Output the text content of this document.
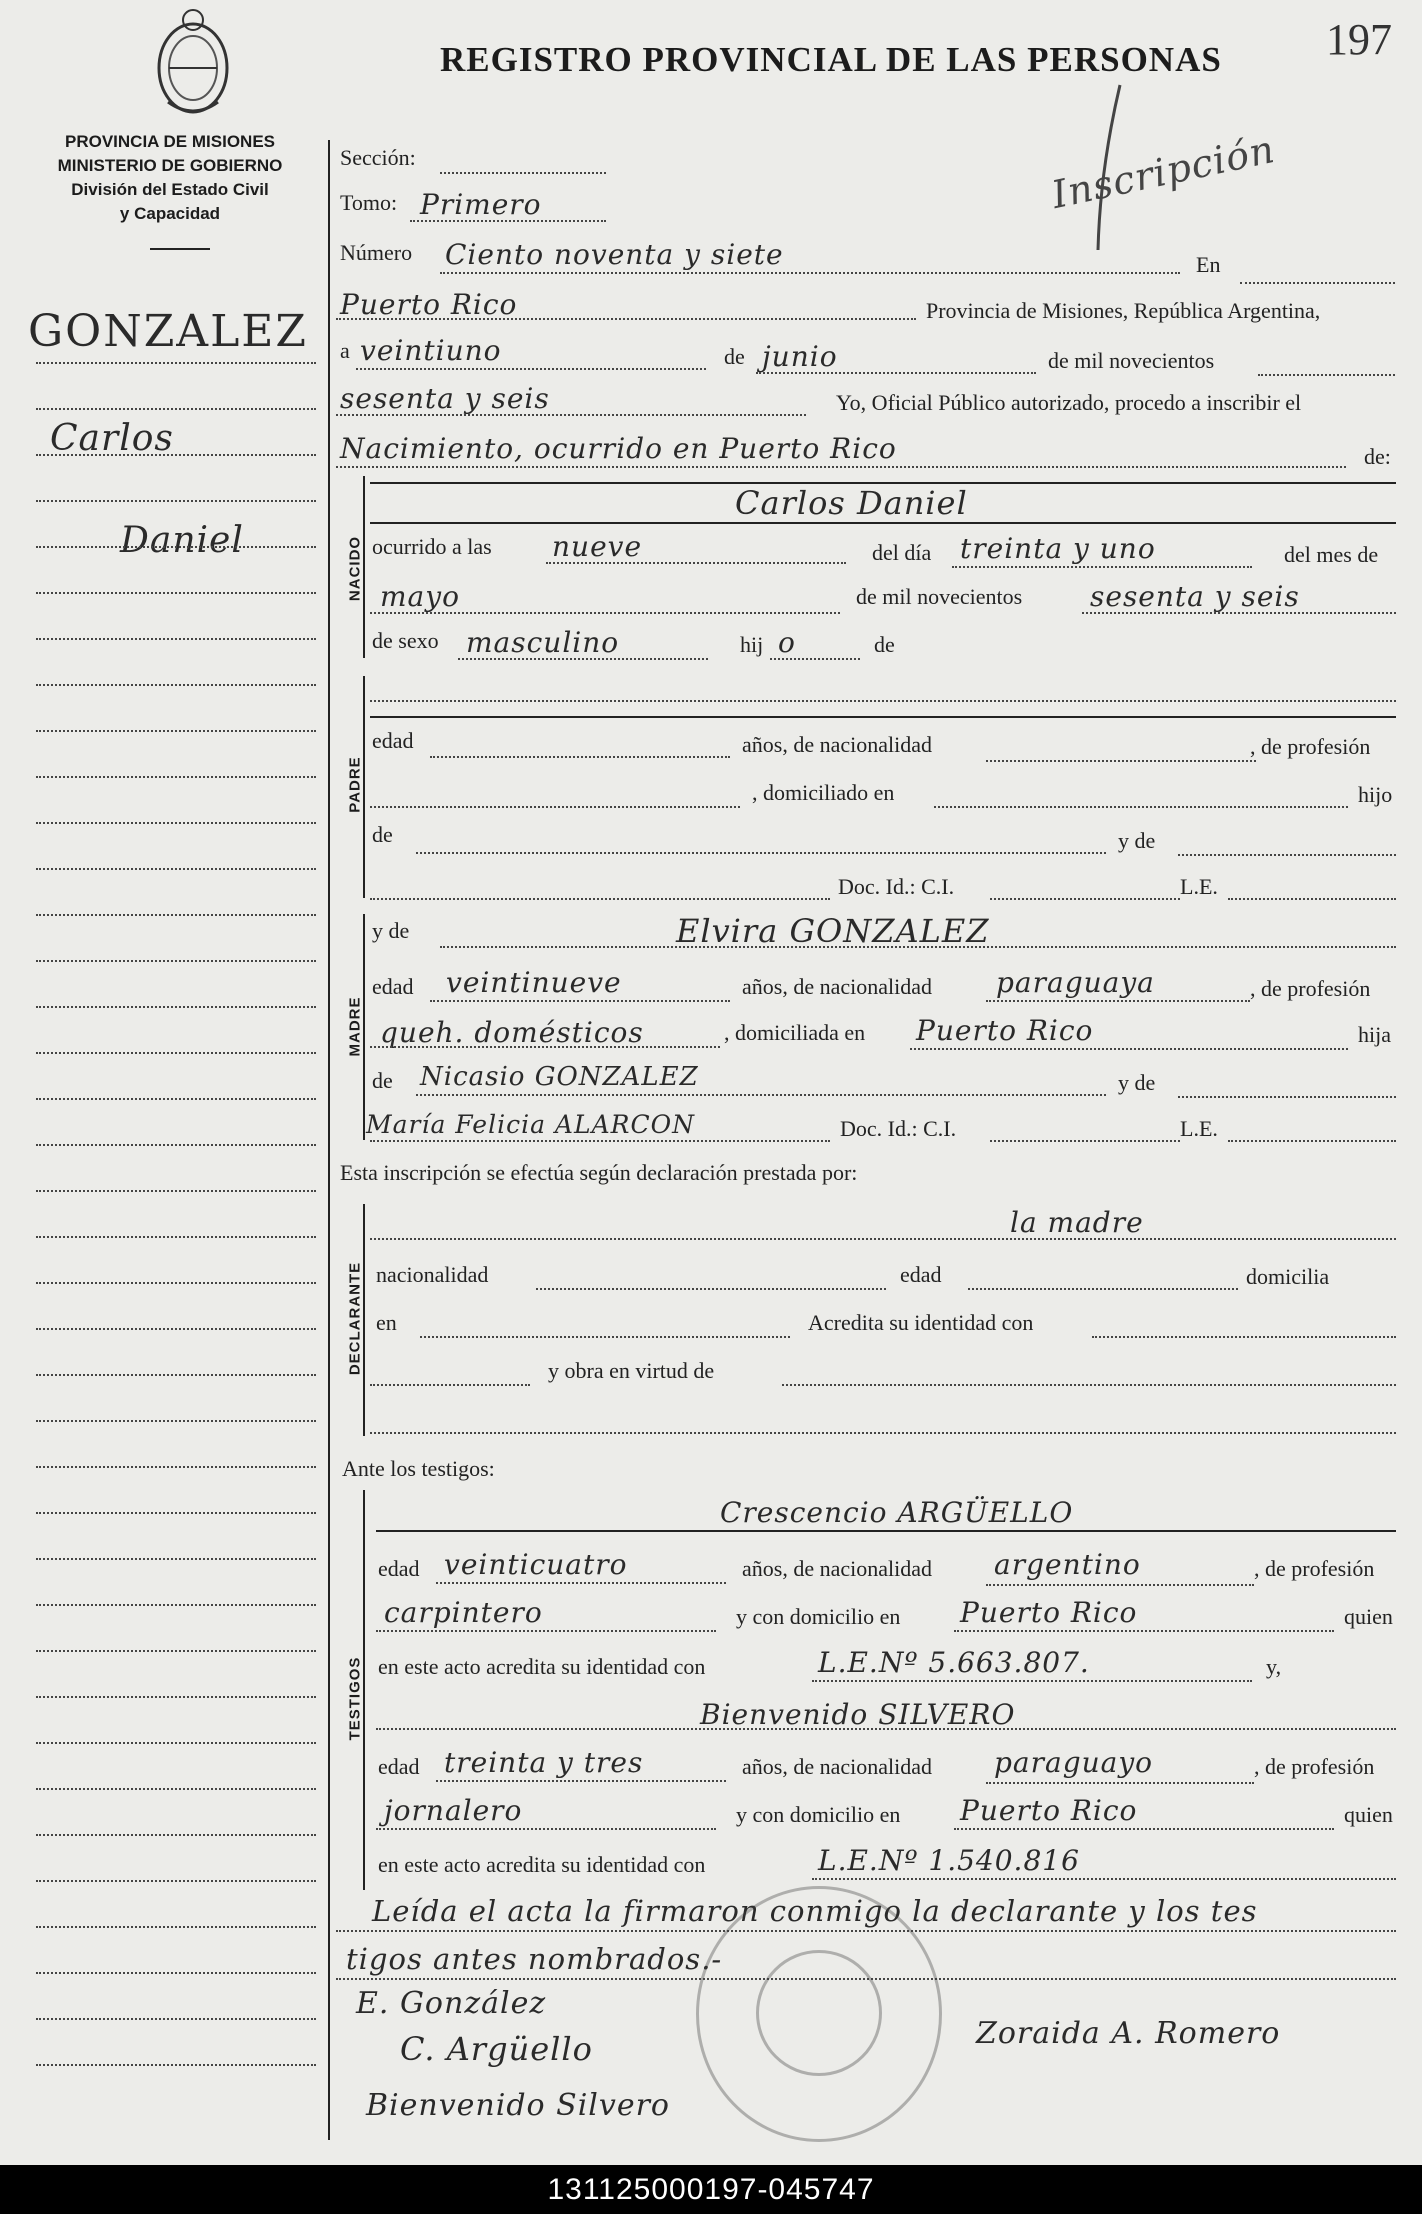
REGISTRO PROVINCIAL DE LAS PERSONAS 197
PROVINCIA DE MISIONES
MINISTERIO DE GOBIERNO
División del Estado Civil
y Capacidad	Inscripción
GONZALEZ
Carlos
Daniel
Sección:
Tomo: Primero
Número Ciento noventa y siete	En
Puerto Rico	Provincia de Misiones, República Argentina,
a veintiuno	de junio	de mil novecientos
sesenta y seis	Yo, Oficial Público autorizado, procedo a inscribir el
Nacimiento, ocurrido en Puerto Rico	de:
NACIDO
Carlos Daniel
ocurrido a las nueve	del día treinta y uno	del mes de
mayo	de mil novecientos sesenta y seis
de sexo masculino	hij o	de
PADRE
edad	años, de nacionalidad	, de profesión
, domiciliado en	hijo
de	y de
Doc. Id.: C.I.	L.E.
MADRE
y de	Elvira GONZALEZ
edad veintinueve	años, de nacionalidad paraguaya	, de profesión
queh. domésticos	, domiciliada en Puerto Rico	hija
de Nicasio GONZALEZ	y de
María Felicia ALARCON	Doc. Id.: C.I.	L.E.
Esta inscripción se efectúa según declaración prestada por:
DECLARANTE
la madre
nacionalidad	edad	domicilia
en	Acredita su identidad con
y obra en virtud de
Ante los testigos:
TESTIGOS
Crescencio ARGÜELLO
edad veinticuatro	años, de nacionalidad argentino	, de profesión
carpintero	y con domicilio en Puerto Rico	quien
en este acto acredita su identidad con	L.E.Nº 5.663.807.	y,
Bienvenido SILVERO
edad treinta y tres	años, de nacionalidad paraguayo	, de profesión
jornalero	y con domicilio en Puerto Rico	quien
en este acto acredita su identidad con	L.E.Nº 1.540.816
Leída el acta la firmaron conmigo la declarante y los tes
tigos antes nombrados.-
E. González
C. Argüello
Bienvenido Silvero
Zoraida A. Romero
131125000197-045747
